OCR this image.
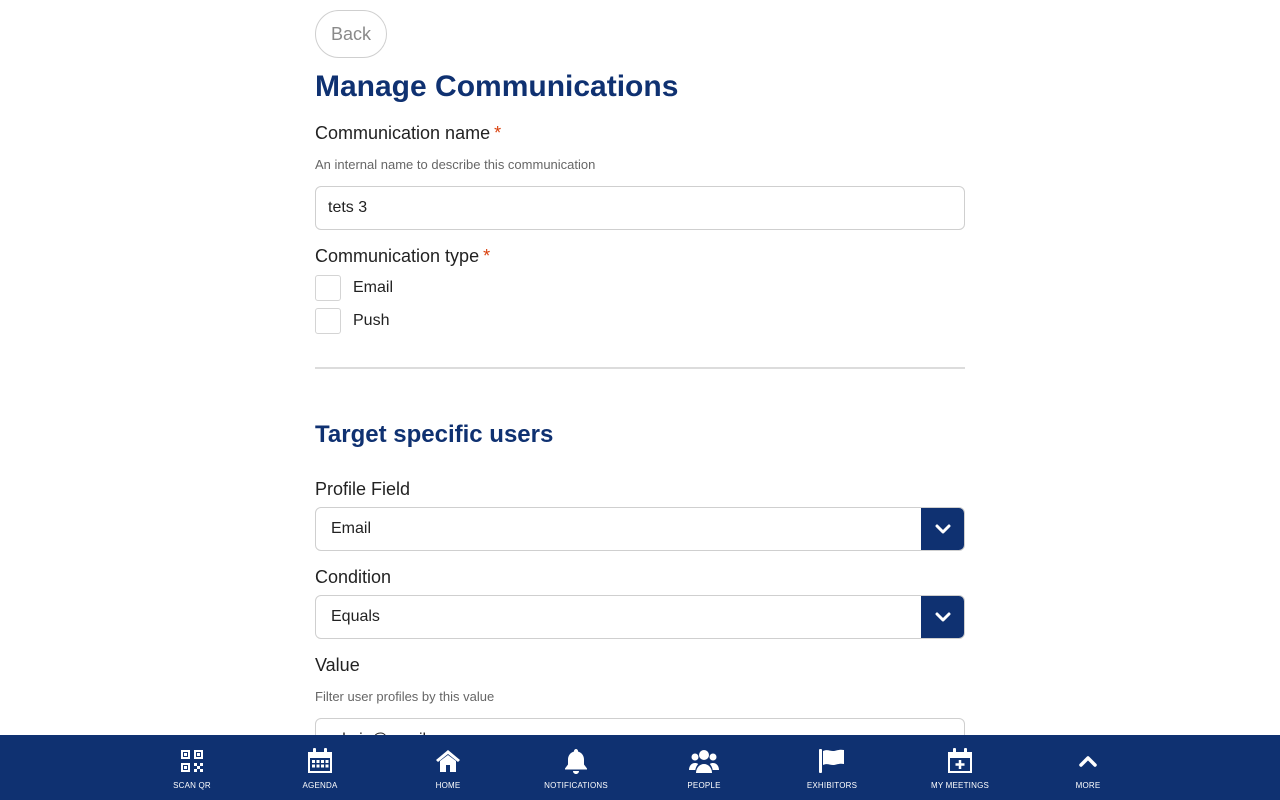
Back
Manage Communications
Communication name *
An internal name to describe this communication
tets 3
Communication type *
Email
Push
Target specific users
Profile Field
Email
Condition
Equals
Value
Filter user profiles by this value
admin@email.com
SCAN QR	AGENDA	HOME	NOTIFICATIONS	PEOPLE	EXHIBITORS	MY MEETINGS	MORE
